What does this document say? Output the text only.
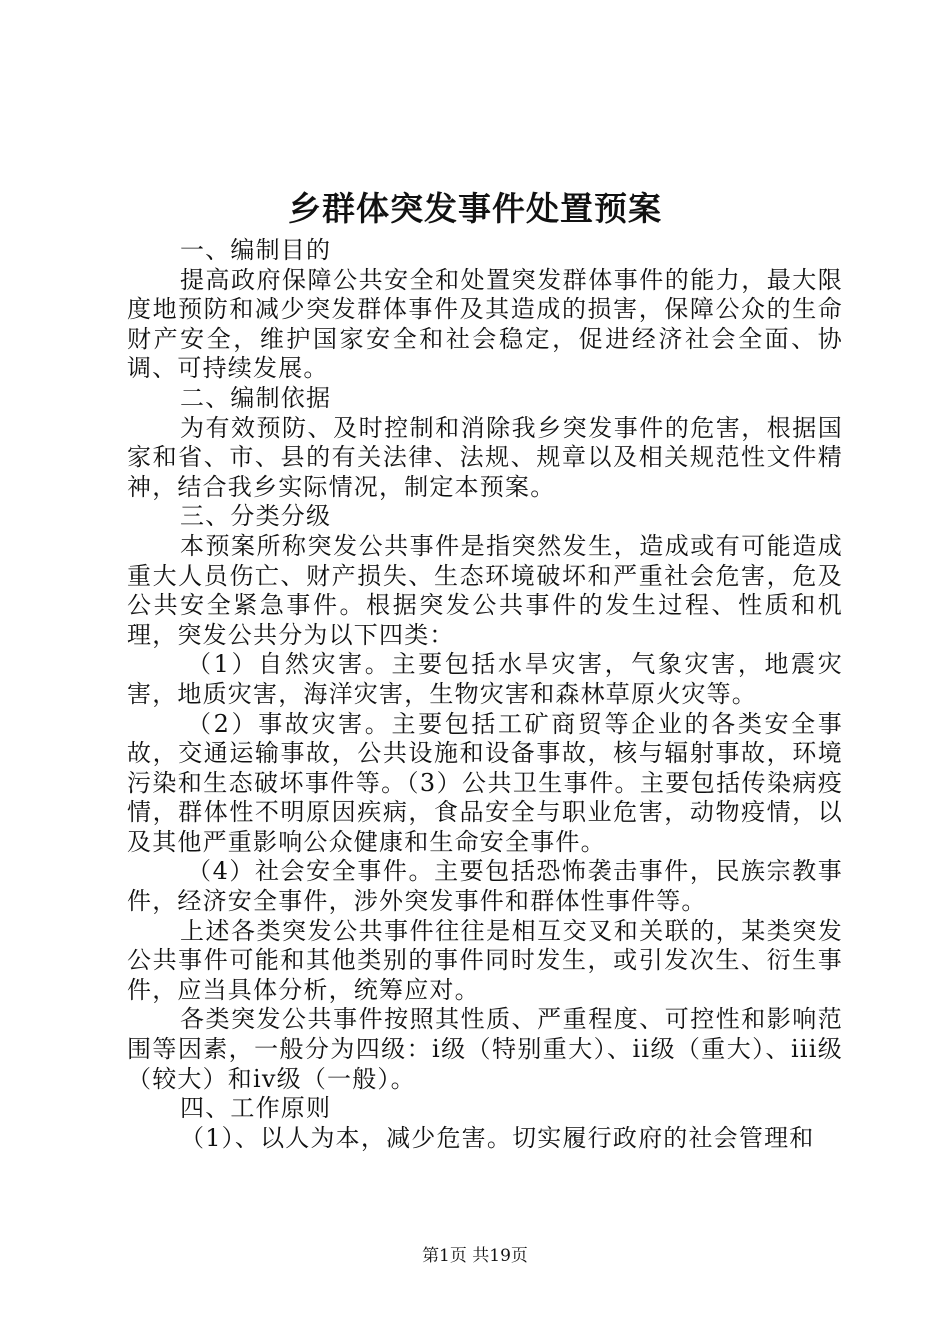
乡群体突发事件处置预案

一、编制目的

提高政府保障公共安全和处置突发群体事件的能力，最大限度地预防和减少突发群体事件及其造成的损害，保障公众的生命财产安全，维护国家安全和社会稳定，促进经济社会全面、协调、可持续发展。

二、编制依据

为有效预防、及时控制和消除我乡突发事件的危害，根据国家和省、市、县的有关法律、法规、规章以及相关规范性文件精神，结合我乡实际情况，制定本预案。

三、分类分级

本预案所称突发公共事件是指突然发生，造成或有可能造成重大人员伤亡、财产损失、生态环境破坏和严重社会危害，危及公共安全紧急事件。根据突发公共事件的发生过程、性质和机理，突发公共分为以下四类：

（1）自然灾害。主要包括水旱灾害，气象灾害，地震灾害，地质灾害，海洋灾害，生物灾害和森林草原火灾等。

（2）事故灾害。主要包括工矿商贸等企业的各类安全事故，交通运输事故，公共设施和设备事故，核与辐射事故，环境污染和生态破坏事件等。（3）公共卫生事件。主要包括传染病疫情，群体性不明原因疾病，食品安全与职业危害，动物疫情，以及其他严重影响公众健康和生命安全事件。

（4）社会安全事件。主要包括恐怖袭击事件，民族宗教事件，经济安全事件，涉外突发事件和群体性事件等。

上述各类突发公共事件往往是相互交叉和关联的，某类突发公共事件可能和其他类别的事件同时发生，或引发次生、衍生事件，应当具体分析，统筹应对。

各类突发公共事件按照其性质、严重程度、可控性和影响范围等因素，一般分为四级：i级（特别重大）、ii级（重大）、iii级（较大）和iv级（一般）。

四、工作原则

（1）、以人为本，减少危害。切实履行政府的社会管理和

第1页 共19页
